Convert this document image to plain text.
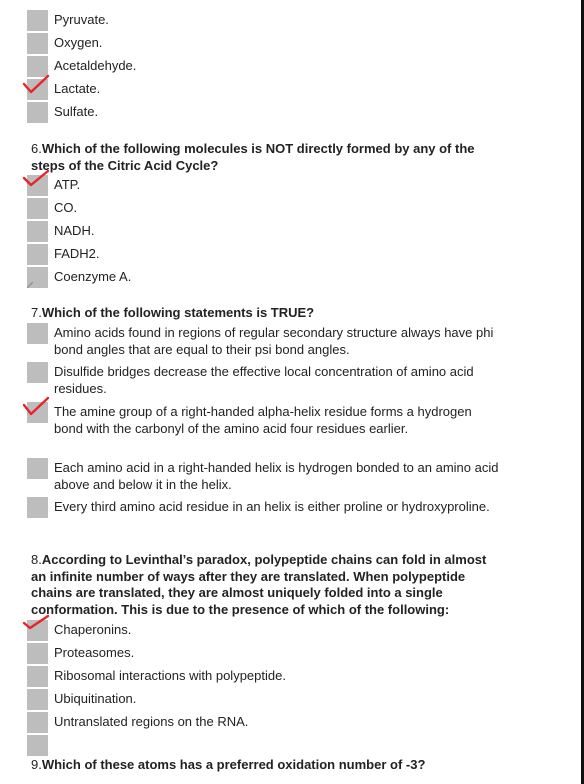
Pyruvate.
Oxygen.
Acetaldehyde.
Lactate.
Sulfate.
6.Which of the following molecules is NOT directly formed by any of the steps of the Citric Acid Cycle?
ATP.
CO.
NADH.
FADH2.
Coenzyme A.
7.Which of the following statements is TRUE?
Amino acids found in regions of regular secondary structure always have phi bond angles that are equal to their psi bond angles.
Disulfide bridges decrease the effective local concentration of amino acid residues.
The amine group of a right-handed alpha-helix residue forms a hydrogen bond with the carbonyl of the amino acid four residues earlier.
Each amino acid in a right-handed helix is hydrogen bonded to an amino acid above and below it in the helix.
Every third amino acid residue in an helix is either proline or hydroxyproline.
8.According to Levinthal’s paradox, polypeptide chains can fold in almost an infinite number of ways after they are translated. When polypeptide chains are translated, they are almost uniquely folded into a single conformation. This is due to the presence of which of the following:
Chaperonins.
Proteasomes.
Ribosomal interactions with polypeptide.
Ubiquitination.
Untranslated regions on the RNA.
9.Which of these atoms has a preferred oxidation number of -3?
